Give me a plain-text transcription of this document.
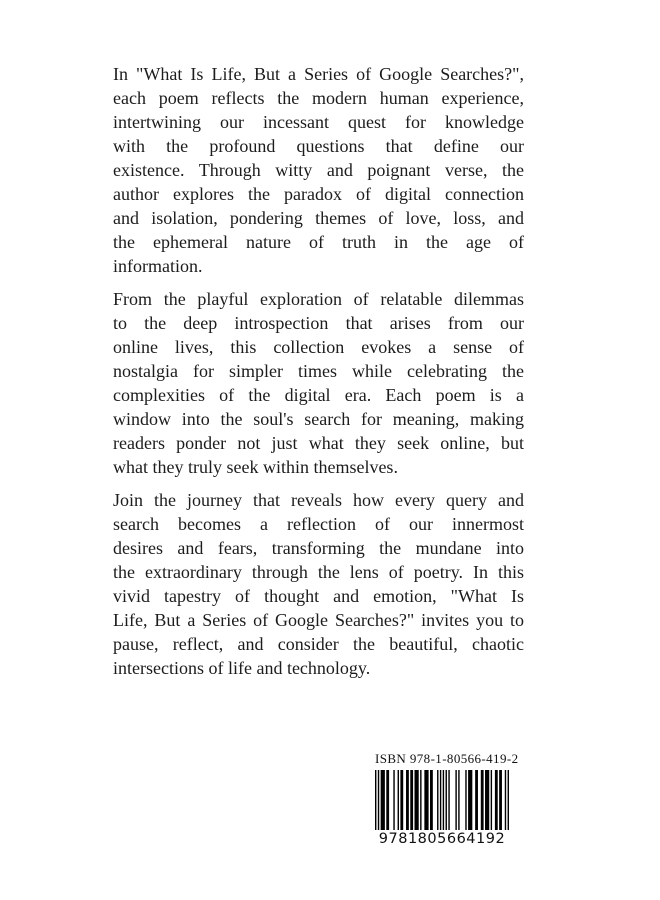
In "What Is Life, But a Series of Google Searches?",
each poem reflects the modern human experience,
intertwining our incessant quest for knowledge
with the profound questions that define our
existence. Through witty and poignant verse, the
author explores the paradox of digital connection
and isolation, pondering themes of love, loss, and
the ephemeral nature of truth in the age of
information.
From the playful exploration of relatable dilemmas
to the deep introspection that arises from our
online lives, this collection evokes a sense of
nostalgia for simpler times while celebrating the
complexities of the digital era. Each poem is a
window into the soul's search for meaning, making
readers ponder not just what they seek online, but
what they truly seek within themselves.
Join the journey that reveals how every query and
search becomes a reflection of our innermost
desires and fears, transforming the mundane into
the extraordinary through the lens of poetry. In this
vivid tapestry of thought and emotion, "What Is
Life, But a Series of Google Searches?" invites you to
pause, reflect, and consider the beautiful, chaotic
intersections of life and technology.
ISBN 978-1-80566-419-2
9781805664192
